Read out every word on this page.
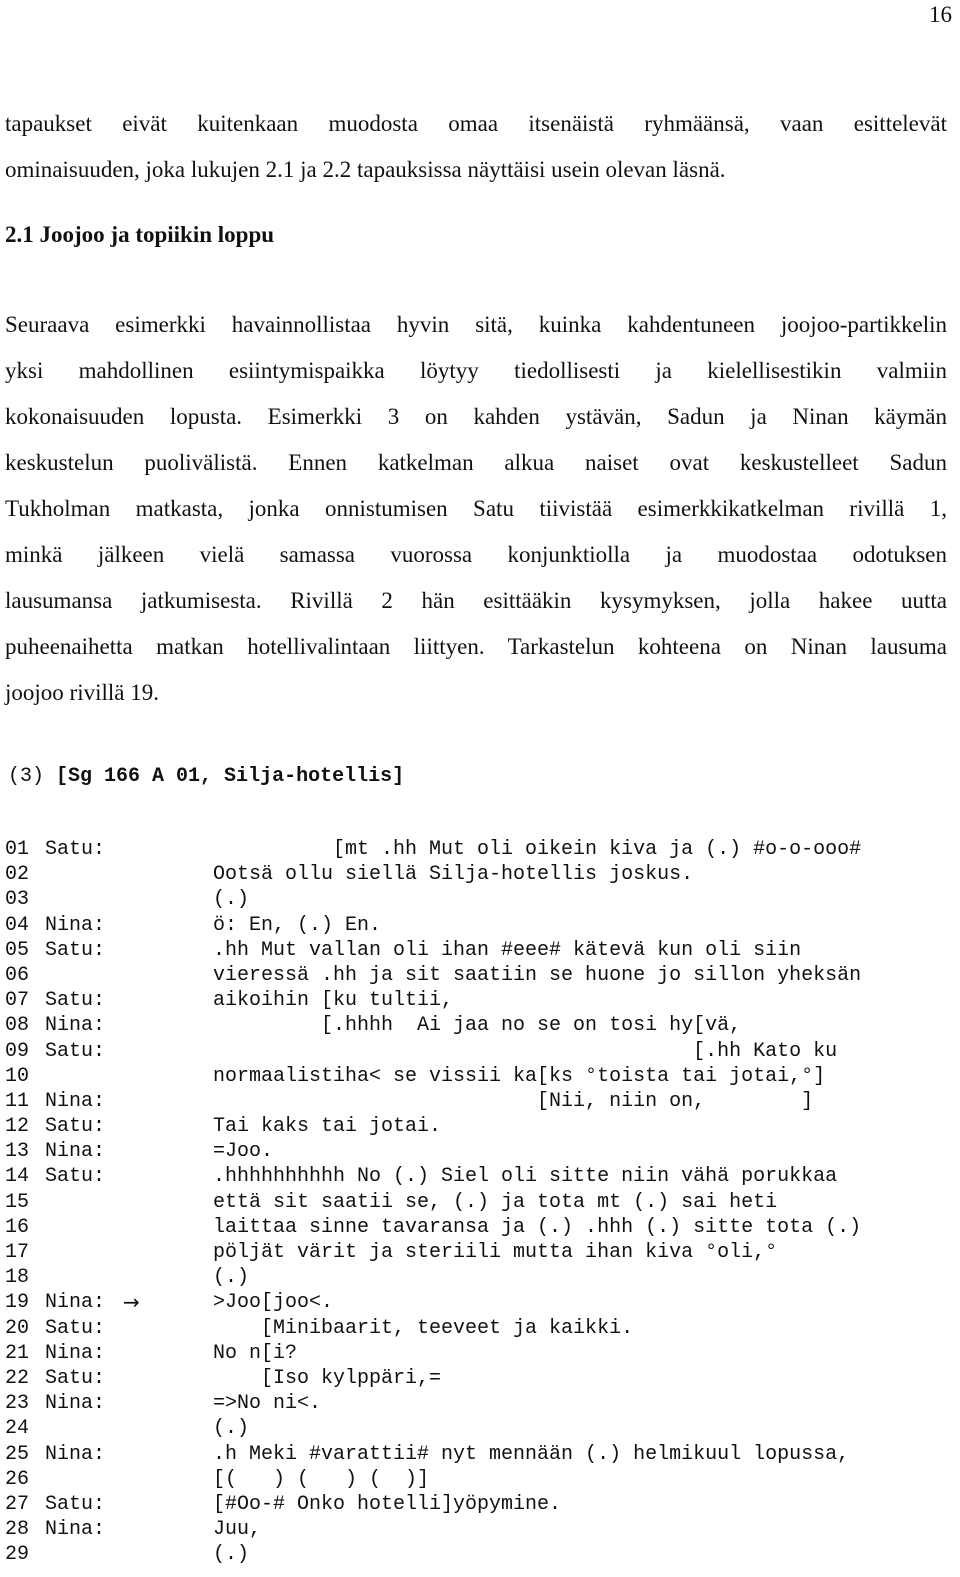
16
tapaukset eivät kuitenkaan muodosta omaa itsenäistä ryhmäänsä, vaan esittelevät
ominaisuuden, joka lukujen 2.1 ja 2.2 tapauksissa näyttäisi usein olevan läsnä.
2.1 Joojoo ja topiikin loppu
Seuraava esimerkki havainnollistaa hyvin sitä, kuinka kahdentuneen joojoo-partikkelin
yksi mahdollinen esiintymispaikka löytyy tiedollisesti ja kielellisestikin valmiin
kokonaisuuden lopusta. Esimerkki 3 on kahden ystävän, Sadun ja Ninan käymän
keskustelun puolivälistä. Ennen katkelman alkua naiset ovat keskustelleet Sadun
Tukholman matkasta, jonka onnistumisen Satu tiivistää esimerkkikatkelman rivillä 1,
minkä jälkeen vielä samassa vuorossa konjunktiolla ja muodostaa odotuksen
lausumansa jatkumisesta. Rivillä 2 hän esittääkin kysymyksen, jolla hakee uutta
puheenaihetta matkan hotellivalintaan liittyen. Tarkastelun kohteena on Ninan lausuma
joojoo rivillä 19.
(3) [Sg 166 A 01, Silja-hotellis]
01 Satu:	[mt .hh Mut oli oikein kiva ja (.) #o-o-ooo#
02	Ootsä ollu siellä Silja-hotellis joskus.
03	(.)
04 Nina:	ö: En, (.) En.
05 Satu:	.hh Mut vallan oli ihan #eee# kätevä kun oli siin
06	vieressä .hh ja sit saatiin se huone jo sillon yheksän
07 Satu:	aikoihin [ku tultii,
08 Nina:	[.hhhh  Ai jaa no se on tosi hy[vä,
09 Satu:	[.hh Kato ku
10	normaalistiha< se vissii ka[ks °toista tai jotai,°]
11 Nina:	[Nii, niin on,        ]
12 Satu:	Tai kaks tai jotai.
13 Nina:	=Joo.
14 Satu:	.hhhhhhhhhh No (.) Siel oli sitte niin vähä porukkaa
15	että sit saatii se, (.) ja tota mt (.) sai heti
16	laittaa sinne tavaransa ja (.) .hhh (.) sitte tota (.)
17	pöljät värit ja steriili mutta ihan kiva °oli,°
18	(.)
19 Nina: →	>Joo[joo<.
20 Satu:	[Minibaarit, teeveet ja kaikki.
21 Nina:	No n[i?
22 Satu:	[Iso kylppäri,=
23 Nina:	=>No ni<.
24	(.)
25 Nina:	.h Meki #varattii# nyt mennään (.) helmikuul lopussa,
26	[(   ) (   ) (  )]
27 Satu:	[#Oo-# Onko hotelli]yöpymine.
28 Nina:	Juu,
29	(.)
